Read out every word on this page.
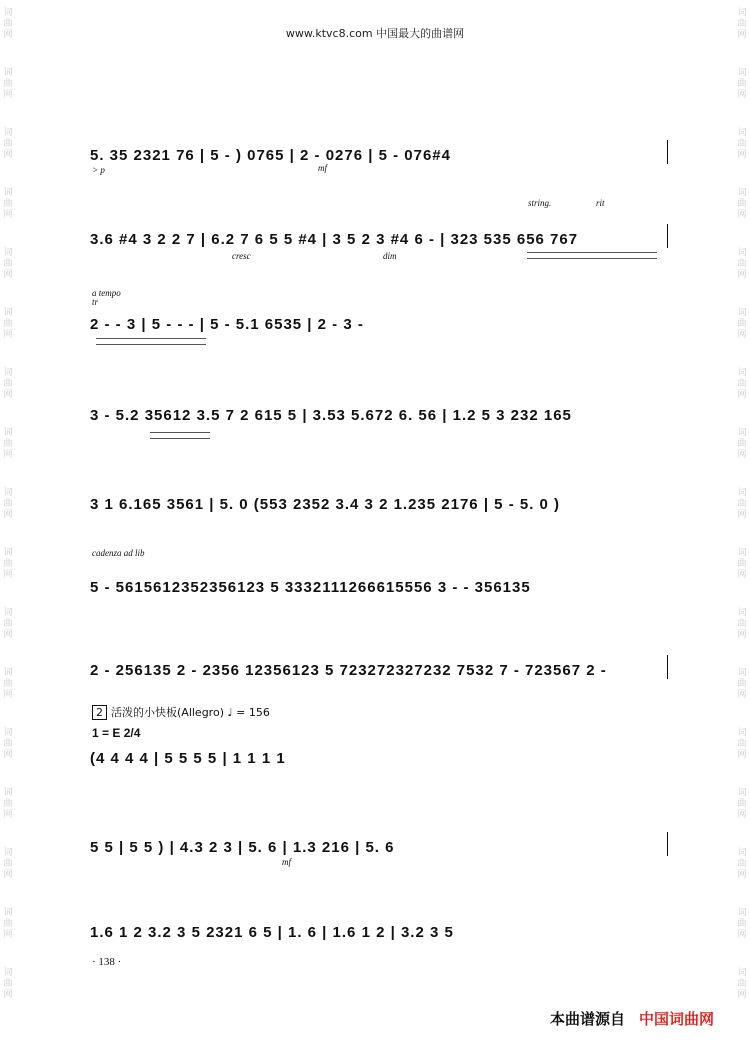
词
曲
网
词
曲
网
词
曲
网
词
曲
网
词
曲
网
词
曲
网
词
曲
网
词
曲
网
词
曲
网
词
曲
网
词
曲
网
词
曲
网
词
曲
网
词
曲
网
词
曲
网
词
曲
网
词
曲
网
词
曲
网
词
曲
网
词
曲
网
词
曲
网
词
曲
网
词
曲
网
词
曲
网
词
曲
网
词
曲
网
词
曲
网
词
曲
网
词
曲
网
词
曲
网
词
曲
网
词
曲
网
词
曲
网
词
曲
网
www.ktvc8.com 中国最大的曲谱网
5. 35 2321 76 | 5 - ) 0765 | 2 - 0276 | 5 - 076#4
3.6 #4 3 2 2 7 | 6.2 7 6 5 5 #4 | 3 5 2 3 #4 6 - | 323 535 656 767
2 - - 3 | 5 - - - | 5 - 5.1 6535 | 2 - 3 -
3 - 5.2 35612 3.5 7 2 615 5 | 3.53 5.672 6. 56 | 1.2 5 3 232 165
3 1 6.165 3561 | 5. 0 (553 2352 3.4 3 2 1.235 2176 | 5 - 5. 0 )
5 - 5615612352356123 5 3332111266615556 3 - - 356135
2 - 256135 2 - 2356 12356123 5 723272327232 7532 7 - 723567 2 -
(4 4 4 4 | 5 5 5 5 | 1 1 1 1
5 5 | 5 5 ) | 4.3 2 3 | 5. 6 | 1.3 216 | 5. 6
1.6 1 2 3.2 3 5 2321 6 5 | 1. 6 | 1.6 1 2 | 3.2 3 5
> p	mf
cresc	dim
string.	rit
a tempo
tr
cadenza ad lib
mf
2 活泼的小快板(Allegro) ♩ = 156
1 = E 2/4
· 138 ·
本曲谱源自 中国词曲网
